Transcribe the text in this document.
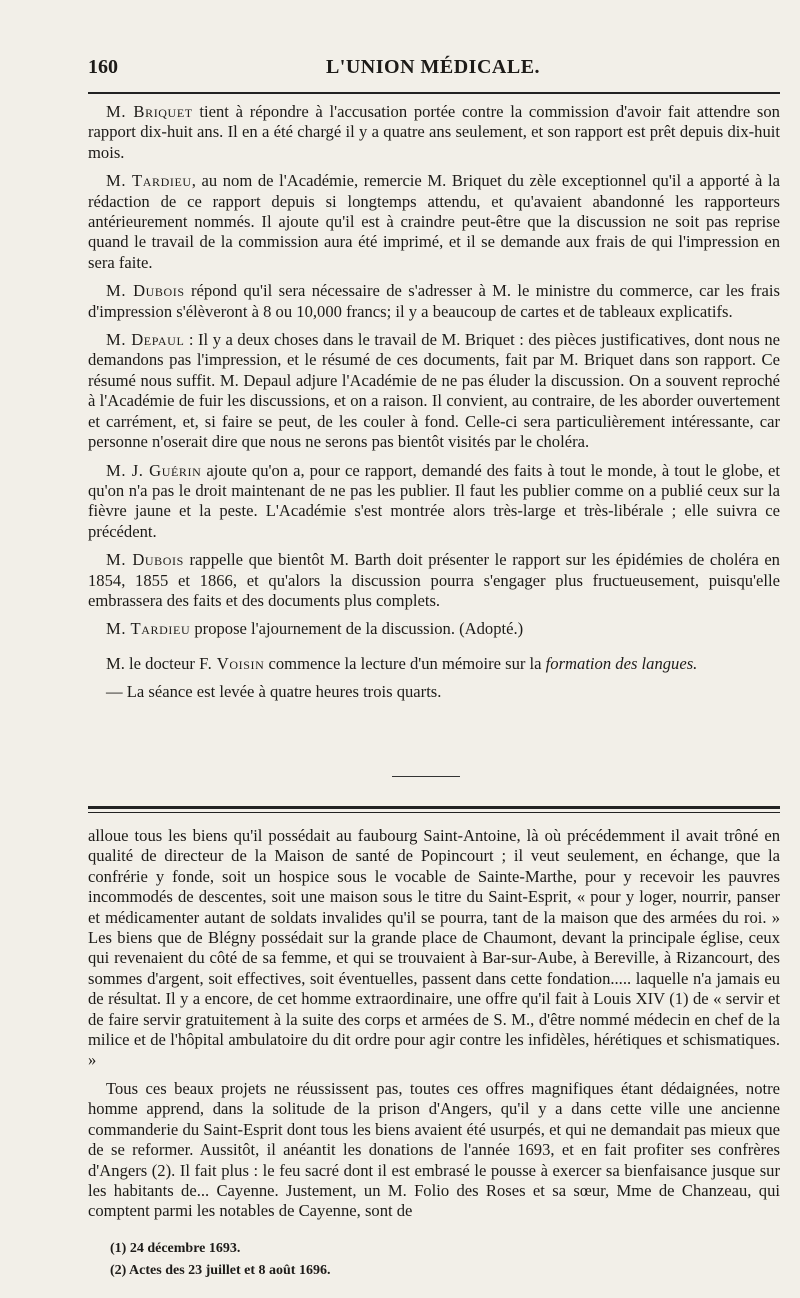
L'UNION MÉDICALE.
160

M. Briquet tient à répondre à l'accusation portée contre la commission d'avoir fait attendre son rapport dix-huit ans. Il en a été chargé il y a quatre ans seulement, et son rapport est prêt depuis dix-huit mois.

M. Tardieu, au nom de l'Académie, remercie M. Briquet du zèle exceptionnel qu'il a apporté à la rédaction de ce rapport depuis si longtemps attendu, et qu'avaient abandonné les rapporteurs antérieurement nommés. Il ajoute qu'il est à craindre peut-être que la discussion ne soit pas reprise quand le travail de la commission aura été imprimé, et il se demande aux frais de qui l'impression en sera faite.

M. Dubois répond qu'il sera nécessaire de s'adresser à M. le ministre du commerce, car les frais d'impression s'élèveront à 8 ou 10,000 francs; il y a beaucoup de cartes et de tableaux explicatifs.

M. Depaul : Il y a deux choses dans le travail de M. Briquet : des pièces justificatives, dont nous ne demandons pas l'impression, et le résumé de ces documents, fait par M. Briquet dans son rapport. Ce résumé nous suffit. M. Depaul adjure l'Académie de ne pas éluder la discussion. On a souvent reproché à l'Académie de fuir les discussions, et on a raison. Il convient, au contraire, de les aborder ouvertement et carrément, et, si faire se peut, de les couler à fond. Celle-ci sera particulièrement intéressante, car personne n'oserait dire que nous ne serons pas bientôt visités par le choléra.

M. J. Guérin ajoute qu'on a, pour ce rapport, demandé des faits à tout le monde, à tout le globe, et qu'on n'a pas le droit maintenant de ne pas les publier. Il faut les publier comme on a publié ceux sur la fièvre jaune et la peste. L'Académie s'est montrée alors très-large et très-libérale ; elle suivra ce précédent.

M. Dubois rappelle que bientôt M. Barth doit présenter le rapport sur les épidémies de choléra en 1854, 1855 et 1866, et qu'alors la discussion pourra s'engager plus fructueusement, puisqu'elle embrassera des faits et des documents plus complets.

M. Tardieu propose l'ajournement de la discussion. (Adopté.)

M. le docteur F. Voisin commence la lecture d'un mémoire sur la formation des langues.

— La séance est levée à quatre heures trois quarts.

alloue tous les biens qu'il possédait au faubourg Saint-Antoine, là où précédemment il avait trôné en qualité de directeur de la Maison de santé de Popincourt ; il veut seulement, en échange, que la confrérie y fonde, soit un hospice sous le vocable de Sainte-Marthe, pour y recevoir les pauvres incommodés de descentes, soit une maison sous le titre du Saint-Esprit, « pour y loger, nourrir, panser et médicamenter autant de soldats invalides qu'il se pourra, tant de la maison que des armées du roi. » Les biens que de Blégny possédait sur la grande place de Chaumont, devant la principale église, ceux qui revenaient du côté de sa femme, et qui se trouvaient à Bar-sur-Aube, à Bereville, à Rizancourt, des sommes d'argent, soit effectives, soit éventuelles, passent dans cette fondation..... laquelle n'a jamais eu de résultat. Il y a encore, de cet homme extraordinaire, une offre qu'il fait à Louis XIV (1) de « servir et de faire servir gratuitement à la suite des corps et armées de S. M., d'être nommé médecin en chef de la milice et de l'hôpital ambulatoire du dit ordre pour agir contre les infidèles, hérétiques et schismatiques. »

Tous ces beaux projets ne réussissent pas, toutes ces offres magnifiques étant dédaignées, notre homme apprend, dans la solitude de la prison d'Angers, qu'il y a dans cette ville une ancienne commanderie du Saint-Esprit dont tous les biens avaient été usurpés, et qui ne demandait pas mieux que de se reformer. Aussitôt, il anéantit les donations de l'année 1693, et en fait profiter ses confrères d'Angers (2). Il fait plus : le feu sacré dont il est embrasé le pousse à exercer sa bienfaisance jusque sur les habitants de... Cayenne. Justement, un M. Folio des Roses et sa sœur, Mme de Chanzeau, qui comptent parmi les notables de Cayenne, sont de

(1) 24 décembre 1693.
(2) Actes des 23 juillet et 8 août 1696.
